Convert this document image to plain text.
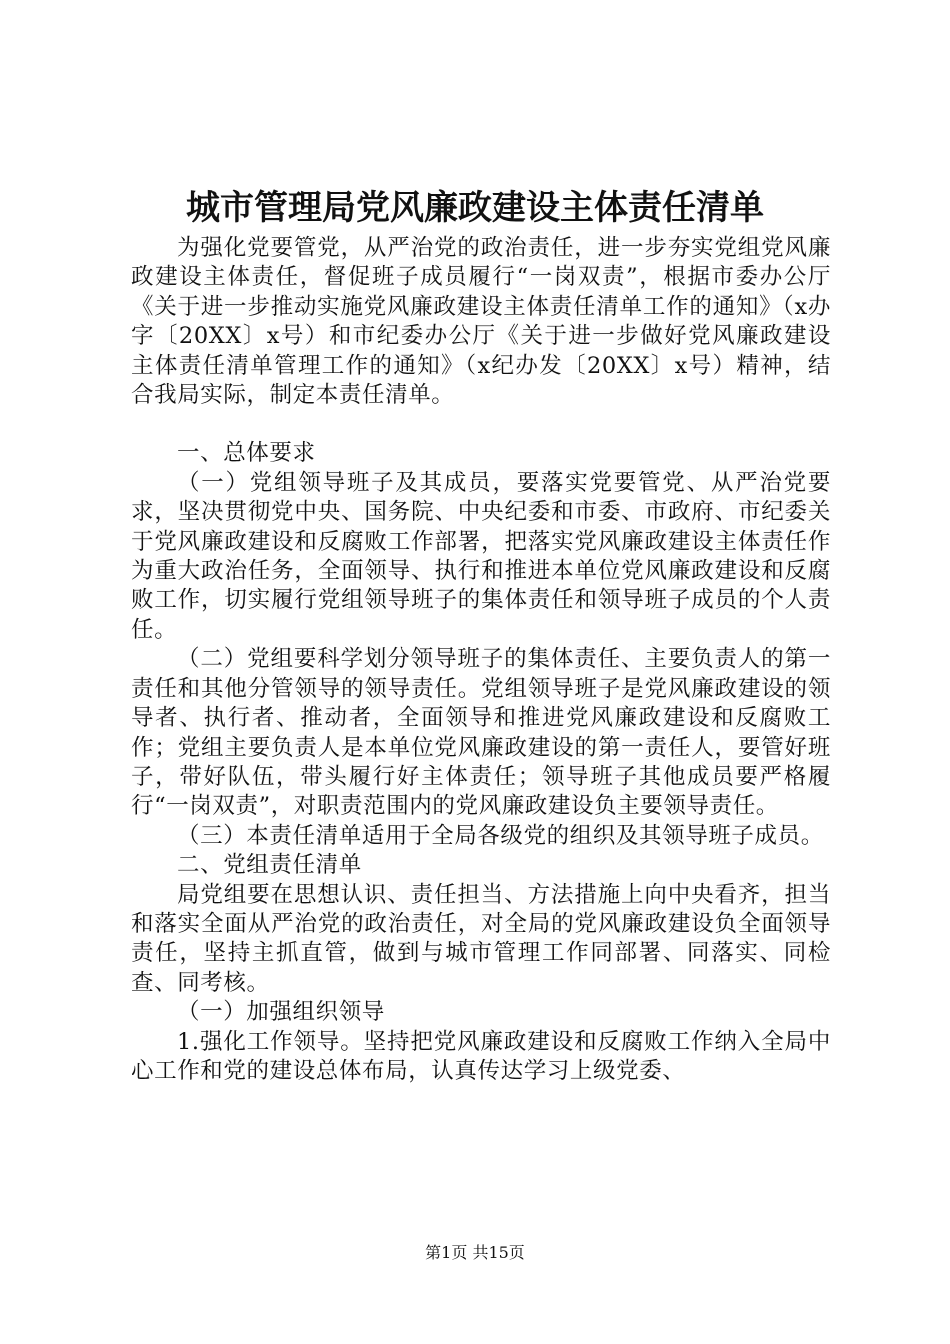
城市管理局党风廉政建设主体责任清单

为强化党要管党，从严治党的政治责任，进一步夯实党组党风廉政建设主体责任，督促班子成员履行“一岗双责”，根据市委办公厅《关于进一步推动实施党风廉政建设主体责任清单工作的通知》（x办字〔20XX〕x号）和市纪委办公厅《关于进一步做好党风廉政建设主体责任清单管理工作的通知》（x纪办发〔20XX〕x号）精神，结合我局实际，制定本责任清单。

一、总体要求

（一）党组领导班子及其成员，要落实党要管党、从严治党要求，坚决贯彻党中央、国务院、中央纪委和市委、市政府、市纪委关于党风廉政建设和反腐败工作部署，把落实党风廉政建设主体责任作为重大政治任务，全面领导、执行和推进本单位党风廉政建设和反腐败工作，切实履行党组领导班子的集体责任和领导班子成员的个人责任。

（二）党组要科学划分领导班子的集体责任、主要负责人的第一责任和其他分管领导的领导责任。党组领导班子是党风廉政建设的领导者、执行者、推动者，全面领导和推进党风廉政建设和反腐败工作；党组主要负责人是本单位党风廉政建设的第一责任人，要管好班子，带好队伍，带头履行好主体责任；领导班子其他成员要严格履行“一岗双责”，对职责范围内的党风廉政建设负主要领导责任。

（三）本责任清单适用于全局各级党的组织及其领导班子成员。

二、党组责任清单

局党组要在思想认识、责任担当、方法措施上向中央看齐，担当和落实全面从严治党的政治责任，对全局的党风廉政建设负全面领导责任，坚持主抓直管，做到与城市管理工作同部署、同落实、同检查、同考核。

（一）加强组织领导

1.强化工作领导。坚持把党风廉政建设和反腐败工作纳入全局中心工作和党的建设总体布局，认真传达学习上级党委、

第1页 共15页
